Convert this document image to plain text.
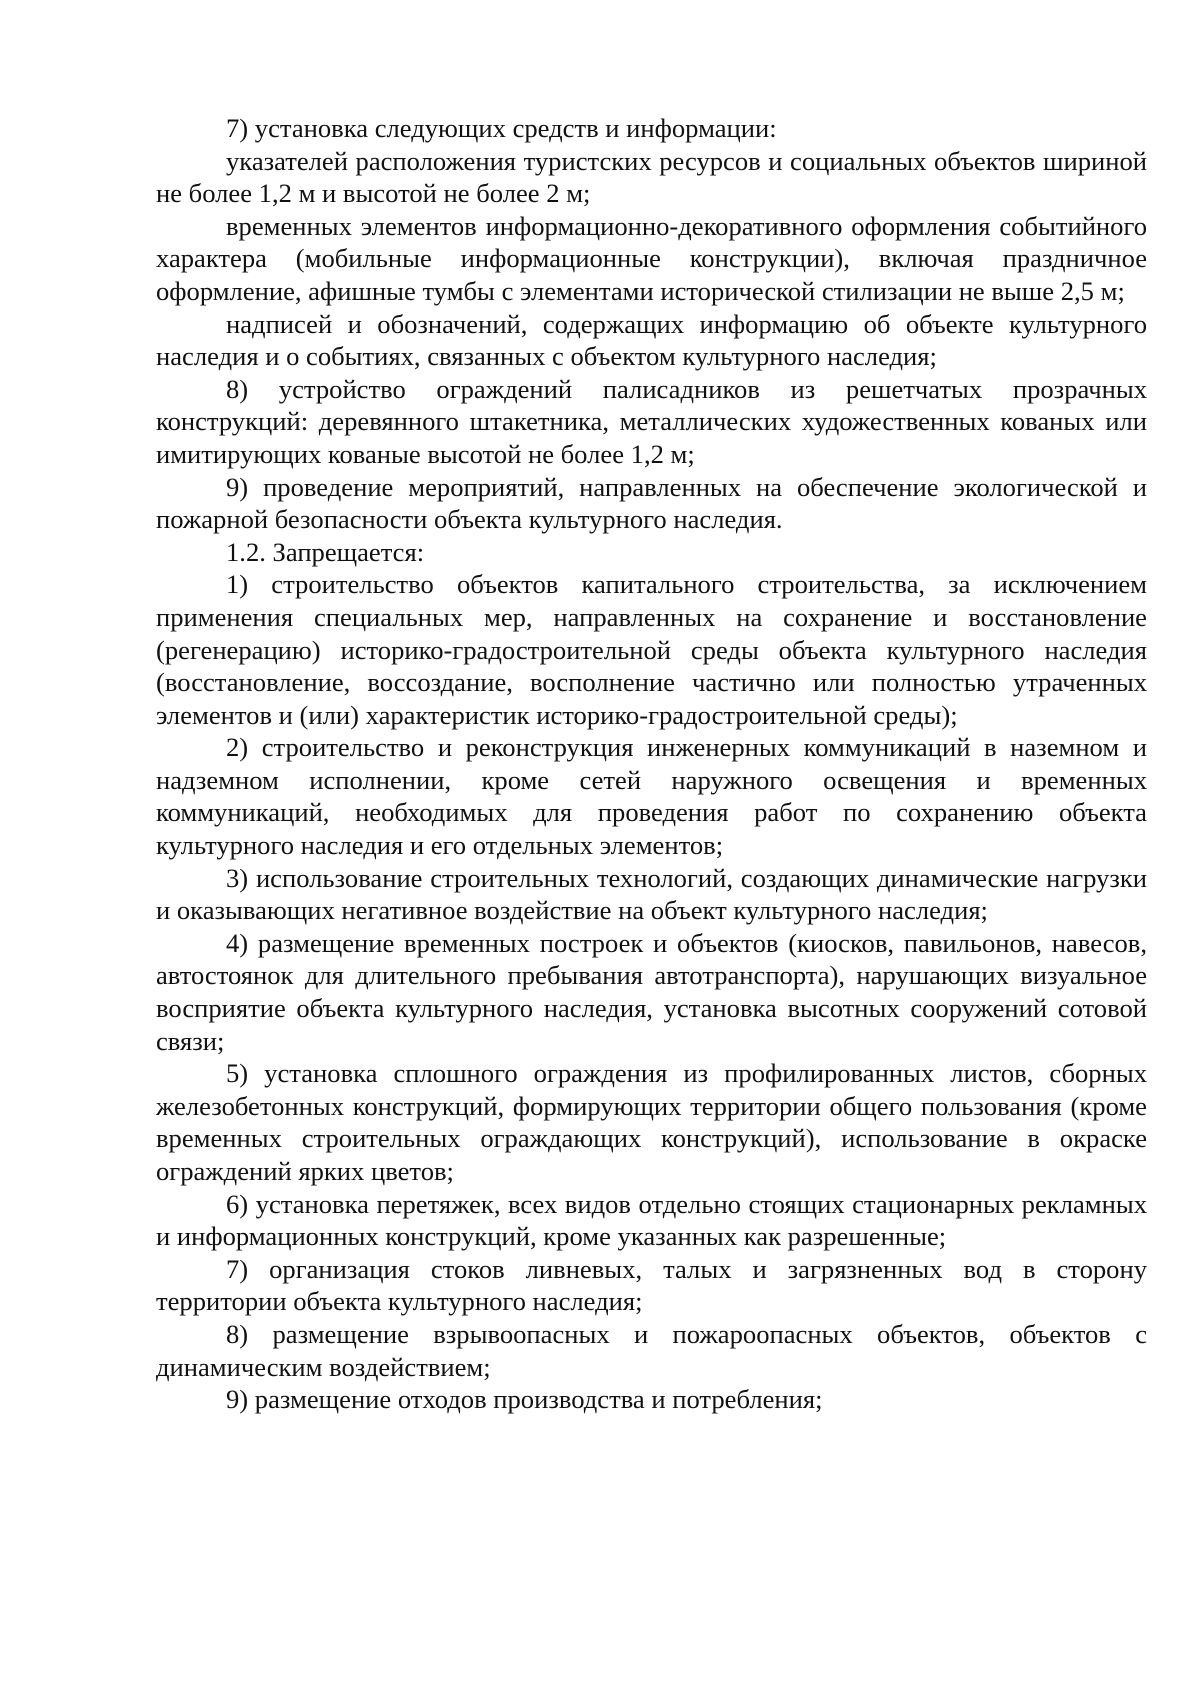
7) установка следующих средств и информации:

указателей расположения туристских ресурсов и социальных объектов шириной не более 1,2 м и высотой не более 2 м;

временных элементов информационно-декоративного оформления событийного характера (мобильные информационные конструкции), включая праздничное оформление, афишные тумбы с элементами исторической стилизации не выше 2,5 м;

надписей и обозначений, содержащих информацию об объекте культурного наследия и о событиях, связанных с объектом культурного наследия;

8) устройство ограждений палисадников из решетчатых прозрачных конструкций: деревянного штакетника, металлических художественных кованых или имитирующих кованые высотой не более 1,2 м;

9) проведение мероприятий, направленных на обеспечение экологической и пожарной безопасности объекта культурного наследия.

1.2. Запрещается:

1) строительство объектов капитального строительства, за исключением применения специальных мер, направленных на сохранение и восстановление (регенерацию) историко-градостроительной среды объекта культурного наследия (восстановление, воссоздание, восполнение частично или полностью утраченных элементов и (или) характеристик историко-градостроительной среды);

2) строительство и реконструкция инженерных коммуникаций в наземном и надземном исполнении, кроме сетей наружного освещения и временных коммуникаций, необходимых для проведения работ по сохранению объекта культурного наследия и его отдельных элементов;

3) использование строительных технологий, создающих динамические нагрузки и оказывающих негативное воздействие на объект культурного наследия;

4) размещение временных построек и объектов (киосков, павильонов, навесов, автостоянок для длительного пребывания автотранспорта), нарушающих визуальное восприятие объекта культурного наследия, установка высотных сооружений сотовой связи;

5) установка сплошного ограждения из профилированных листов, сборных железобетонных конструкций, формирующих территории общего пользования (кроме временных строительных ограждающих конструкций), использование в окраске ограждений ярких цветов;

6) установка перетяжек, всех видов отдельно стоящих стационарных рекламных и информационных конструкций, кроме указанных как разрешенные;

7) организация стоков ливневых, талых и загрязненных вод в сторону территории объекта культурного наследия;

8) размещение взрывоопасных и пожароопасных объектов, объектов с динамическим воздействием;

9) размещение отходов производства и потребления;
